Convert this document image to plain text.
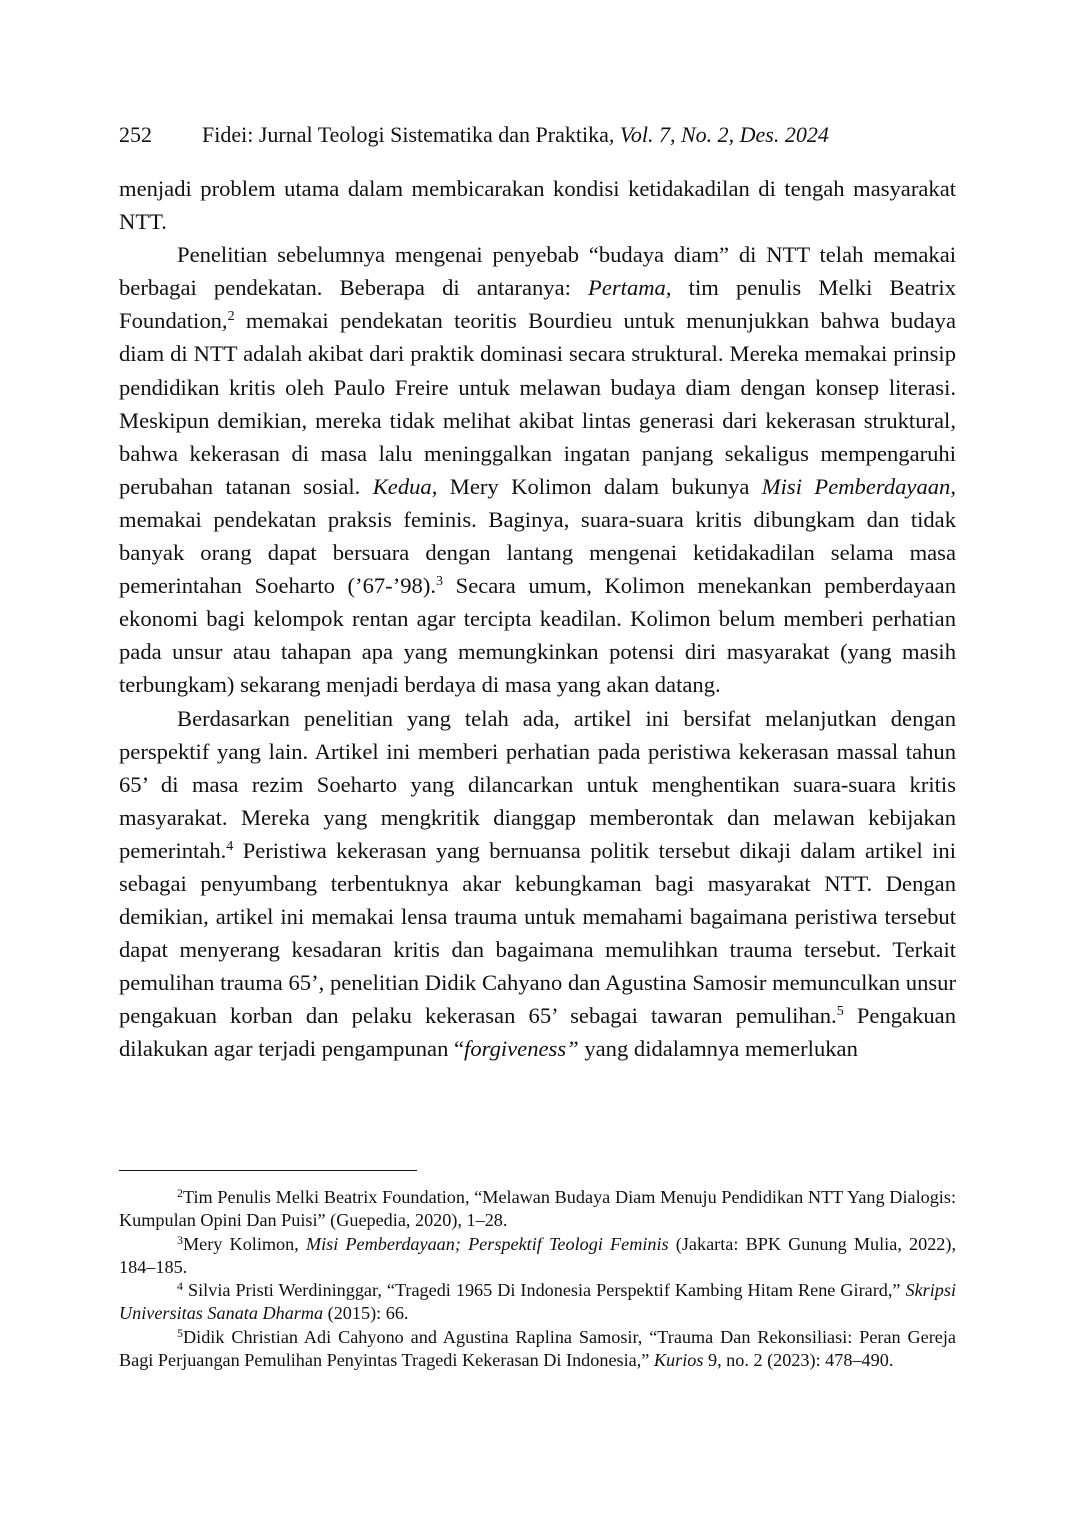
252 Fidei: Jurnal Teologi Sistematika dan Praktika, Vol. 7, No. 2, Des. 2024

menjadi problem utama dalam membicarakan kondisi ketidakadilan di tengah masyarakat NTT.

Penelitian sebelumnya mengenai penyebab “budaya diam” di NTT telah memakai berbagai pendekatan. Beberapa di antaranya: Pertama, tim penulis Melki Beatrix Foundation,$^2$ memakai pendekatan teoritis Bourdieu untuk menunjukkan bahwa budaya diam di NTT adalah akibat dari praktik dominasi secara struktural. Mereka memakai prinsip pendidikan kritis oleh Paulo Freire untuk melawan budaya diam dengan konsep literasi. Meskipun demikian, mereka tidak melihat akibat lintas generasi dari kekerasan struktural, bahwa kekerasan di masa lalu meninggalkan ingatan panjang sekaligus mempengaruhi perubahan tatanan sosial. Kedua, Mery Kolimon dalam bukunya Misi Pemberdayaan, memakai pendekatan praksis feminis. Baginya, suara-suara kritis dibungkam dan tidak banyak orang dapat bersuara dengan lantang mengenai ketidakadilan selama masa pemerintahan Soeharto (’67-’98).$^3$ Secara umum, Kolimon menekankan pemberdayaan ekonomi bagi kelompok rentan agar tercipta keadilan. Kolimon belum memberi perhatian pada unsur atau tahapan apa yang memungkinkan potensi diri masyarakat (yang masih terbungkam) sekarang menjadi berdaya di masa yang akan datang.

Berdasarkan penelitian yang telah ada, artikel ini bersifat melanjutkan dengan perspektif yang lain. Artikel ini memberi perhatian pada peristiwa kekerasan massal tahun 65’ di masa rezim Soeharto yang dilancarkan untuk menghentikan suara-suara kritis masyarakat. Mereka yang mengkritik dianggap memberontak dan melawan kebijakan pemerintah.$^4$ Peristiwa kekerasan yang bernuansa politik tersebut dikaji dalam artikel ini sebagai penyumbang terbentuknya akar kebungkaman bagi masyarakat NTT. Dengan demikian, artikel ini memakai lensa trauma untuk memahami bagaimana peristiwa tersebut dapat menyerang kesadaran kritis dan bagaimana memulihkan trauma tersebut. Terkait pemulihan trauma 65’, penelitian Didik Cahyano dan Agustina Samosir memunculkan unsur pengakuan korban dan pelaku kekerasan 65’ sebagai tawaran pemulihan.$^5$ Pengakuan dilakukan agar terjadi pengampunan “forgiveness” yang didalamnya memerlukan

$^2$Tim Penulis Melki Beatrix Foundation, “Melawan Budaya Diam Menuju Pendidikan NTT Yang Dialogis: Kumpulan Opini Dan Puisi” (Guepedia, 2020), 1–28.

$^3$Mery Kolimon, Misi Pemberdayaan; Perspektif Teologi Feminis (Jakarta: BPK Gunung Mulia, 2022), 184–185.

$^4$ Silvia Pristi Werdininggar, “Tragedi 1965 Di Indonesia Perspektif Kambing Hitam Rene Girard,” Skripsi Universitas Sanata Dharma (2015): 66.

$^5$Didik Christian Adi Cahyono and Agustina Raplina Samosir, “Trauma Dan Rekonsiliasi: Peran Gereja Bagi Perjuangan Pemulihan Penyintas Tragedi Kekerasan Di Indonesia,” Kurios 9, no. 2 (2023): 478–490.
